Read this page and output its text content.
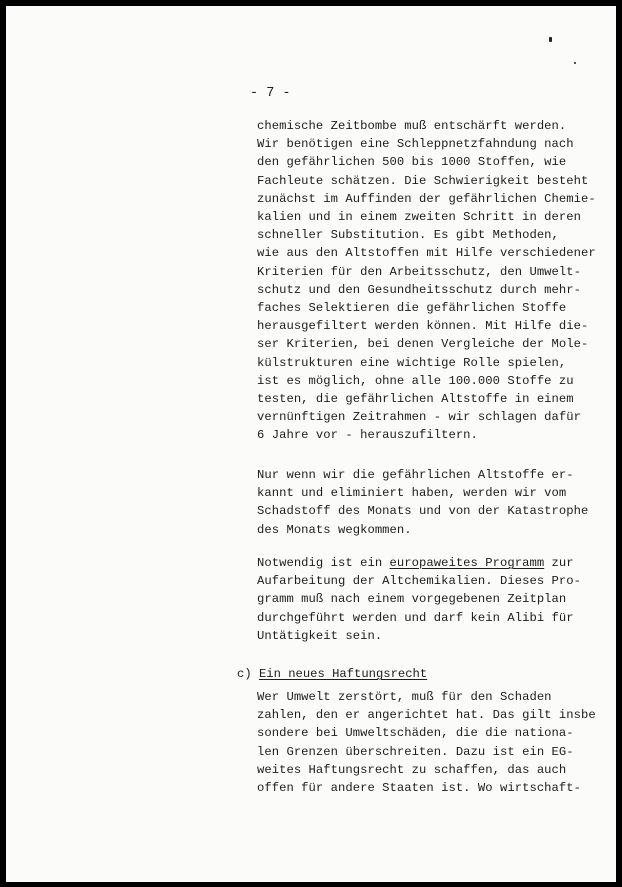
- 7 -

chemische Zeitbombe muß entschärft werden.
Wir benötigen eine Schleppnetzfahndung nach
den gefährlichen 500 bis 1000 Stoffen, wie
Fachleute schätzen. Die Schwierigkeit besteht
zunächst im Auffinden der gefährlichen Chemie-
kalien und in einem zweiten Schritt in deren
schneller Substitution. Es gibt Methoden,
wie aus den Altstoffen mit Hilfe verschiedener
Kriterien für den Arbeitsschutz, den Umwelt-
schutz und den Gesundheitsschutz durch mehr-
faches Selektieren die gefährlichen Stoffe
herausgefiltert werden können. Mit Hilfe die-
ser Kriterien, bei denen Vergleiche der Mole-
külstrukturen eine wichtige Rolle spielen,
ist es möglich, ohne alle 100.000 Stoffe zu
testen, die gefährlichen Altstoffe in einem
vernünftigen Zeitrahmen - wir schlagen dafür
6 Jahre vor - herauszufiltern.

Nur wenn wir die gefährlichen Altstoffe er-
kannt und eliminiert haben, werden wir vom
Schadstoff des Monats und von der Katastrophe
des Monats wegkommen.

Notwendig ist ein europaweites Programm zur
Aufarbeitung der Altchemikalien. Dieses Pro-
gramm muß nach einem vorgegebenen Zeitplan
durchgeführt werden und darf kein Alibi für
Untätigkeit sein.

c) Ein neues Haftungsrecht

Wer Umwelt zerstört, muß für den Schaden
zahlen, den er angerichtet hat. Das gilt insbe
sondere bei Umweltschäden, die die nationa-
len Grenzen überschreiten. Dazu ist ein EG-
weites Haftungsrecht zu schaffen, das auch
offen für andere Staaten ist. Wo wirtschaft-
